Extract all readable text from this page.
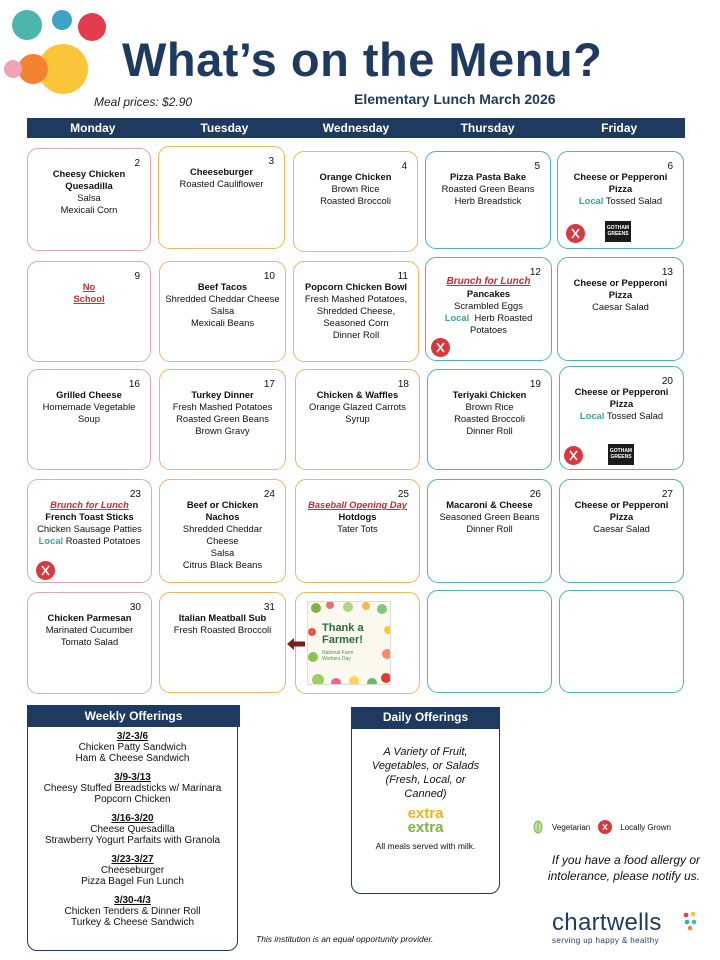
What’s on the Menu?
Meal prices: $2.90	Elementary Lunch March 2026
Monday	Tuesday	Wednesday	Thursday	Friday
2
Cheesy Chicken
Quesadilla
Salsa
Mexicali Corn
3
Cheeseburger
Roasted Cauliflower
4
Orange Chicken
Brown Rice
Roasted Broccoli
5
Pizza Pasta Bake
Roasted Green Beans
Herb Breadstick
6
Cheese or Pepperoni
Pizza
Local Tossed Salad
GOTHAM
GREENS
9
No
School
10
Beef Tacos
Shredded Cheddar Cheese
Salsa
Mexicali Beans
11
Popcorn Chicken Bowl
Fresh Mashed Potatoes,
Shredded Cheese,
Seasoned Corn
Dinner Roll
12
Brunch for Lunch
Pancakes
Scrambled Eggs
Local Herb Roasted
Potatoes
13
Cheese or Pepperoni
Pizza
Caesar Salad
16
Grilled Cheese
Homemade Vegetable
Soup
17
Turkey Dinner
Fresh Mashed Potatoes
Roasted Green Beans
Brown Gravy
18
Chicken & Waffles
Orange Glazed Carrots
Syrup
19
Teriyaki Chicken
Brown Rice
Roasted Broccoli
Dinner Roll
20
Cheese or Pepperoni
Pizza
Local Tossed Salad
GOTHAM
GREENS
23
Brunch for Lunch
French Toast Sticks
Chicken Sausage Patties
Local Roasted Potatoes
24
Beef or Chicken
Nachos
Shredded Cheddar
Cheese
Salsa
Citrus Black Beans
25
Baseball Opening Day
Hotdogs
Tater Tots
26
Macaroni & Cheese
Seasoned Green Beans
Dinner Roll
27
Cheese or Pepperoni
Pizza
Caesar Salad
30
Chicken Parmesan
Marinated Cucumber
Tomato Salad
31
Italian Meatball Sub
Fresh Roasted Broccoli	Thank a
Farmer!
National Farm
Workers Day
Weekly Offerings
3/2-3/6
Chicken Patty Sandwich
Ham & Cheese Sandwich
3/9-3/13
Cheesy Stuffed Breadsticks w/ Marinara
Popcorn Chicken
3/16-3/20
Cheese Quesadilla
Strawberry Yogurt Parfaits with Granola
3/23-3/27
Cheeseburger
Pizza Bagel Fun Lunch
3/30-4/3
Chicken Tenders & Dinner Roll
Turkey & Cheese Sandwich
Daily Offerings
A Variety of Fruit,
Vegetables, or Salads
(Fresh, Local, or
Canned)
extra
extra
All meals served with milk.
Vegetarian	Locally Grown
If you have a food allergy or
intolerance, please notify us.
chartwells
serving up happy & healthy
This institution is an equal opportunity provider.
